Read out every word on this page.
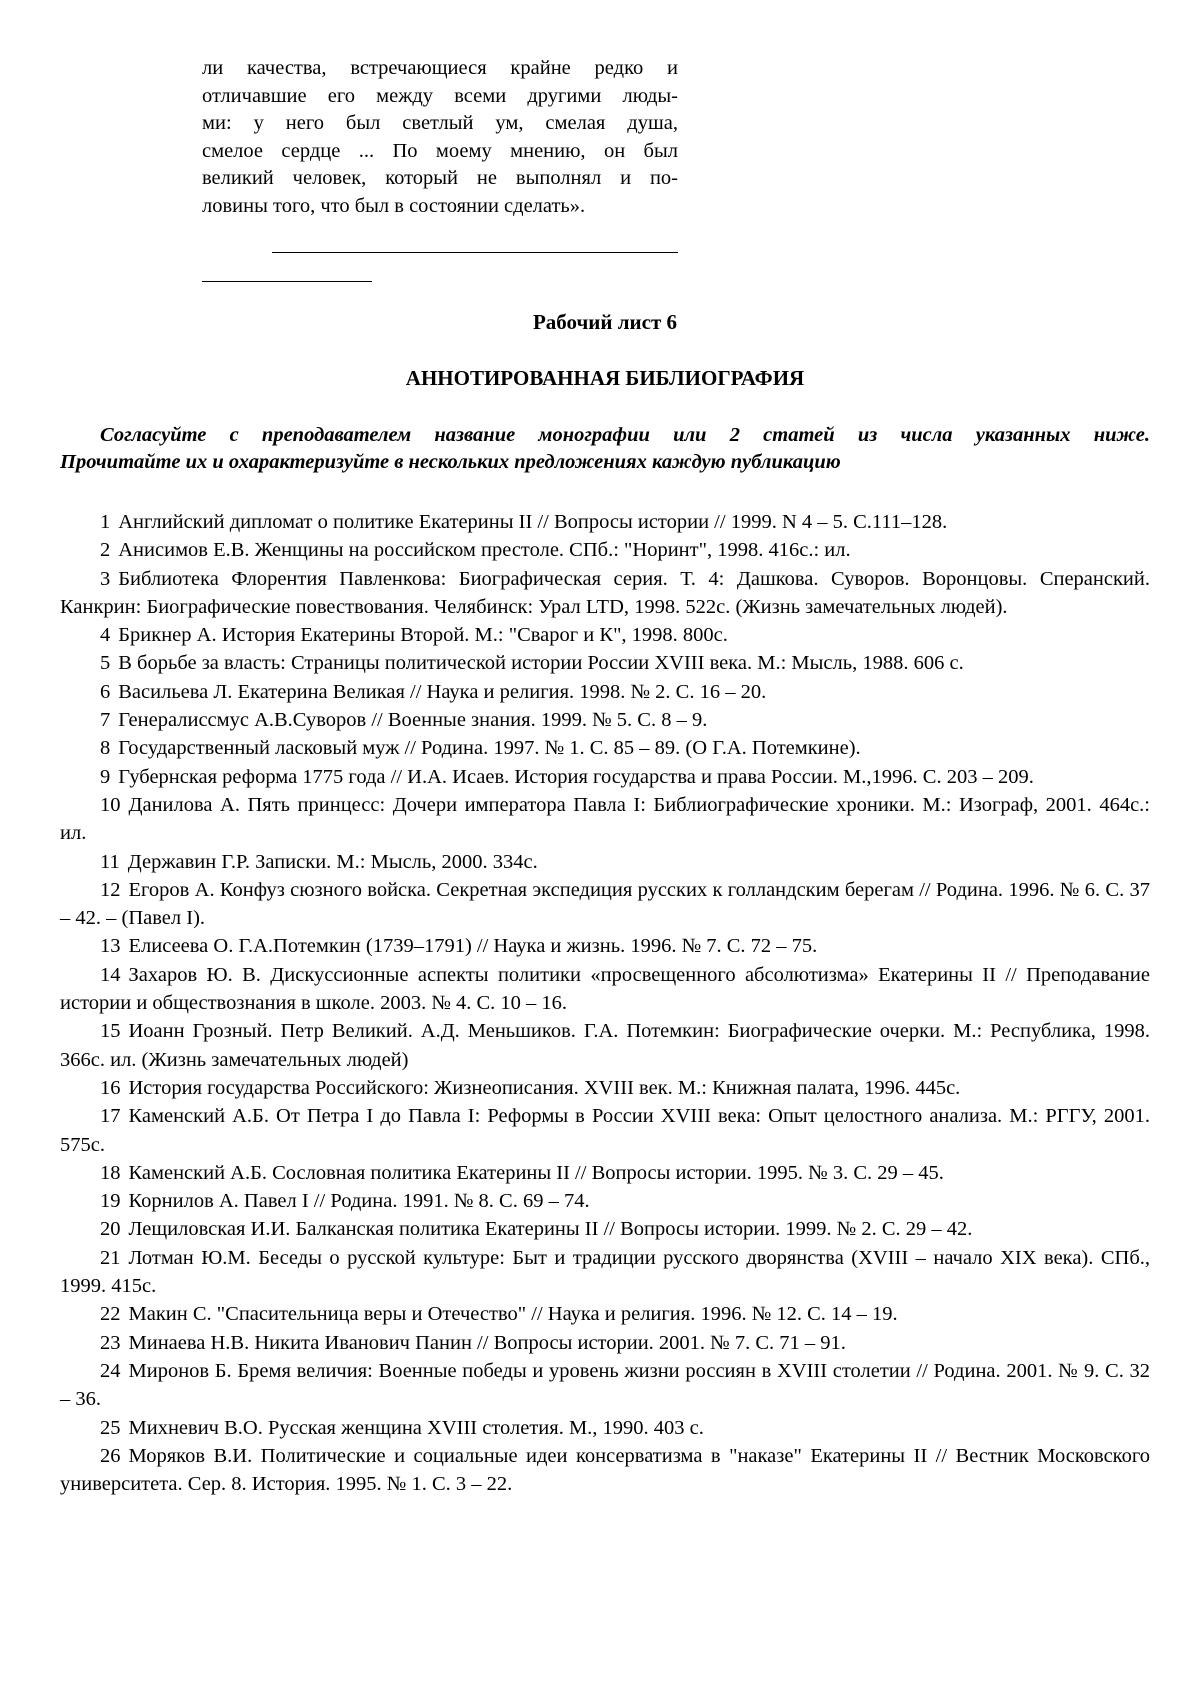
ли качества, встречающиеся крайне редко и
отличавшие его между всеми другими люды-
ми: у него был светлый ум, смелая душа,
смелое сердце ... По моему мнению, он был
великий человек, который не выполнял и по-
ловины того, что был в состоянии сделать».
Рабочий лист 6
АННОТИРОВАННАЯ БИБЛИОГРАФИЯ
Согласуйте с преподавателем название монографии или 2 статей из числа указанных ниже.
Прочитайте их и охарактеризуйте в нескольких предложениях каждую публикацию
1 Английский дипломат о политике Екатерины II // Вопросы истории // 1999. N 4 – 5. С.111–128.
2 Анисимов Е.В. Женщины на российском престоле. СПб.: "Норинт", 1998. 416с.: ил.
3 Библиотека Флорентия Павленкова: Биографическая серия. Т. 4: Дашкова. Суворов. Воронцовы. Сперанский. Канкрин: Биографические повествования. Челябинск: Урал LTD, 1998. 522с. (Жизнь замечательных людей).
4 Брикнер А. История Екатерины Второй. М.: "Сварог и К", 1998. 800с.
5 В борьбе за власть: Страницы политической истории России XVIII века. М.: Мысль, 1988. 606 с.
6 Васильева Л. Екатерина Великая // Наука и религия. 1998. № 2. С. 16 – 20.
7 Генералиссмус А.В.Суворов // Военные знания. 1999. № 5. С. 8 – 9.
8 Государственный ласковый муж // Родина. 1997. № 1. С. 85 – 89. (О Г.А. Потемкине).
9 Губернская реформа 1775 года // И.А. Исаев. История государства и права России. М.,1996. С. 203 – 209.
10 Данилова А. Пять принцесс: Дочери императора Павла I: Библиографические хроники. М.: Изограф, 2001. 464с.: ил.
11 Державин Г.Р. Записки. М.: Мысль, 2000. 334с.
12 Егоров А. Конфуз сюзного войска. Секретная экспедиция русских к голландским берегам // Родина. 1996. № 6. С. 37 – 42. – (Павел I).
13 Елисеева О. Г.А.Потемкин (1739–1791) // Наука и жизнь. 1996. № 7. С. 72 – 75.
14 Захаров Ю. В. Дискуссионные аспекты политики «просвещенного абсолютизма» Екатерины II // Преподавание истории и обществознания в школе. 2003. № 4. С. 10 – 16.
15 Иоанн Грозный. Петр Великий. А.Д. Меньшиков. Г.А. Потемкин: Биографические очерки. М.: Республика, 1998. 366с. ил. (Жизнь замечательных людей)
16 История государства Российского: Жизнеописания. XVIII век. М.: Книжная палата, 1996. 445с.
17 Каменский А.Б. От Петра I до Павла I: Реформы в России XVIII века: Опыт целостного анализа. М.: РГГУ, 2001. 575с.
18 Каменский А.Б. Сословная политика Екатерины II // Вопросы истории. 1995. № 3. С. 29 – 45.
19 Корнилов А. Павел I // Родина. 1991. № 8. С. 69 – 74.
20 Лещиловская И.И. Балканская политика Екатерины II // Вопросы истории. 1999. № 2. С. 29 – 42.
21 Лотман Ю.М. Беседы о русской культуре: Быт и традиции русского дворянства (XVIII – начало XIX века). СПб., 1999. 415с.
22 Макин С. "Спасительница веры и Отечество" // Наука и религия. 1996. № 12. С. 14 – 19.
23 Минаева Н.В. Никита Иванович Панин // Вопросы истории. 2001. № 7. С. 71 – 91.
24 Миронов Б. Бремя величия: Военные победы и уровень жизни россиян в XVIII столетии // Родина. 2001. № 9. С. 32 – 36.
25 Михневич В.О. Русская женщина XVIII столетия. М., 1990. 403 с.
26 Моряков В.И. Политические и социальные идеи консерватизма в "наказе" Екатерины II // Вестник Московского университета. Сер. 8. История. 1995. № 1. С. 3 – 22.
